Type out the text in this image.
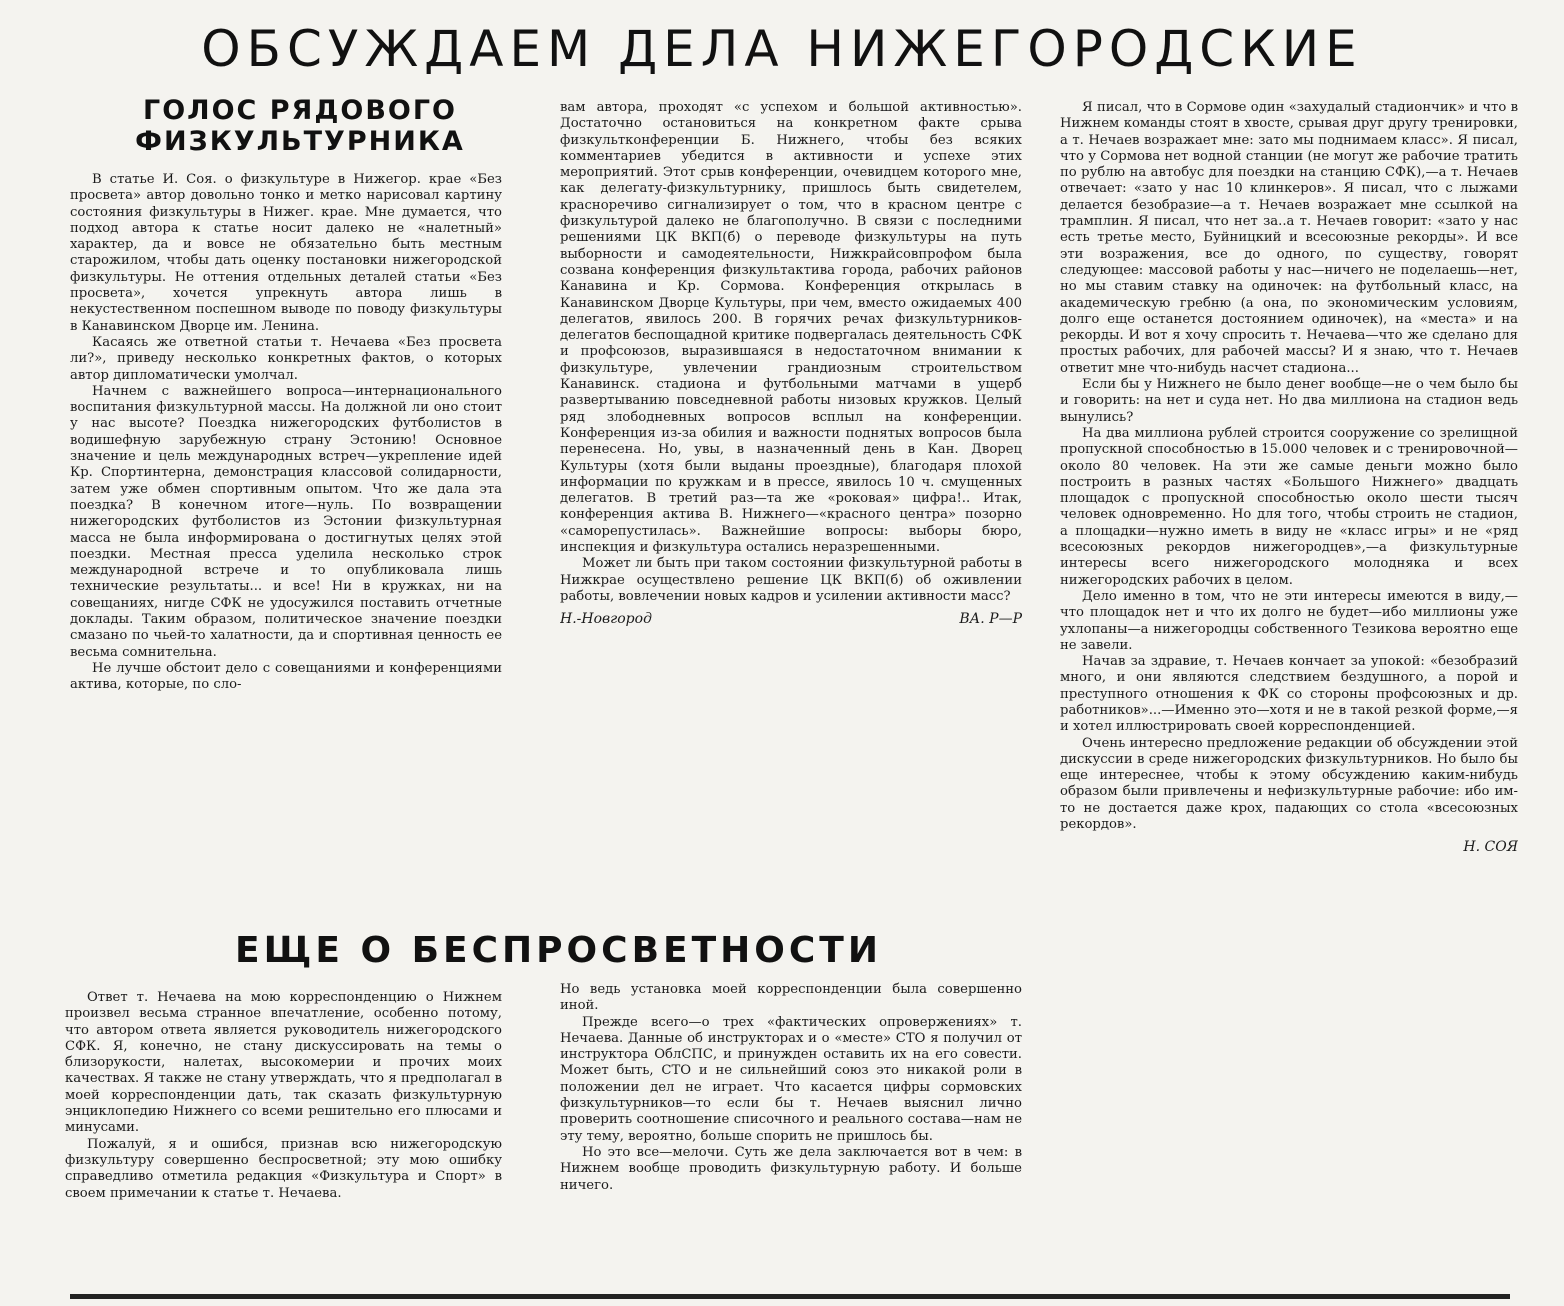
ОБСУЖДАЕМ ДЕЛА НИЖЕГОРОДСКИЕ
ГОЛОС РЯДОВОГО ФИЗКУЛЬТУРНИКА

В статье И. Соя. о физкультуре в Нижегор. крае «Без просвета» автор довольно тонко и метко нарисовал картину состояния физкультуры в Нижег. крае. Мне думается, что подход автора к статье носит далеко не «налетный» характер, да и вовсе не обязательно быть местным старожилом, чтобы дать оценку постановки нижегородской физкультуры. Не оттения отдельных деталей статьи «Без просвета», хочется упрекнуть автора лишь в некустественном поспешном выводе по поводу физкультуры в Канавинском Дворце им. Ленина.

Касаясь же ответной статьи т. Нечаева «Без просвета ли?», приведу несколько конкретных фактов, о которых автор дипломатически умолчал.

Начнем с важнейшего вопроса—интернационального воспитания физкультурной массы. На должной ли оно стоит у нас высоте? Поездка нижегородских футболистов в водишефную зарубежную страну Эстонию! Основное значение и цель международных встреч—укрепление идей Кр. Спортинтерна, демонстрация классовой солидарности, затем уже обмен спортивным опытом. Что же дала эта поездка? В конечном итоге—нуль. По возвращении нижегородских футболистов из Эстонии физкультурная масса не была информирована о достигнутых целях этой поездки. Местная пресса уделила несколько строк международной встрече и то опубликовала лишь технические результаты... и все! Ни в кружках, ни на совещаниях, нигде СФК не удосужился поставить отчетные доклады. Таким образом, политическое значение поездки смазано по чьей-то халатности, да и спортивная ценность ее весьма сомнительна.

Не лучше обстоит дело с совещаниями и конференциями актива, которые, по сло-

вам автора, проходят «с успехом и большой активностью». Достаточно остановиться на конкретном факте срыва физкультконференции Б. Нижнего, чтобы без всяких комментариев убедится в активности и успехе этих мероприятий. Этот срыв конференции, очевидцем которого мне, как делегату-физкультурнику, пришлось быть свидетелем, красноречиво сигнализирует о том, что в красном центре с физкультурой далеко не благополучно. В связи с последними решениями ЦК ВКП(б) о переводе физкультуры на путь выборности и самодеятельности, Нижкрайсовпрофом была созвана конференция физкультактива города, рабочих районов Канавина и Кр. Сормова. Конференция открылась в Канавинском Дворце Культуры, при чем, вместо ожидаемых 400 делегатов, явилось 200. В горячих речах физкультурников-делегатов беспощадной критике подвергалась деятельность СФК и профсоюзов, выразившаяся в недостаточном внимании к физкультуре, увлечении грандиозным строительством Канавинск. стадиона и футбольными матчами в ущерб развертыванию повседневной работы низовых кружков. Целый ряд злободневных вопросов всплыл на конференции. Конференция из-за обилия и важности поднятых вопросов была перенесена. Но, увы, в назначенный день в Кан. Дворец Культуры (хотя были выданы проездные), благодаря плохой информации по кружкам и в прессе, явилось 10 ч. смущенных делегатов. В третий раз—та же «роковая» цифра!.. Итак, конференция актива В. Нижнего—«красного центра» позорно «саморепустилась». Важнейшие вопросы: выборы бюро, инспекция и физкультура остались неразрешенными.

Может ли быть при таком состоянии физкультурной работы в Нижкрае осуществлено решение ЦК ВКП(б) об оживлении работы, вовлечении новых кадров и усилении активности масс?

Н.-Новгород	ВА. Р—Р
ЕЩЕ О БЕСПРОСВЕТНОСТИ

Ответ т. Нечаева на мою корреспонденцию о Нижнем произвел весьма странное впечатление, особенно потому, что автором ответа является руководитель нижегородского СФК. Я, конечно, не стану дискуссировать на темы о близорукости, налетах, высокомерии и прочих моих качествах. Я также не стану утверждать, что я предполагал в моей корреспонденции дать, так сказать физкультурную энциклопедию Нижнего со всеми решительно его плюсами и минусами.

Пожалуй, я и ошибся, признав всю нижегородскую физкультуру совершенно беспросветной; эту мою ошибку справедливо отметила редакция «Физкультура и Спорт» в своем примечании к статье т. Нечаева.

Но ведь установка моей корреспонденции была совершенно иной.

Прежде всего—о трех «фактических опровержениях» т. Нечаева. Данные об инструкторах и о «месте» СТО я получил от инструктора ОблСПС, и принужден оставить их на его совести. Может быть, СТО и не сильнейший союз это никакой роли в положении дел не играет. Что касается цифры сормовских физкультурников—то если бы т. Нечаев выяснил лично проверить соотношение списочного и реального состава—нам не эту тему, вероятно, больше спорить не пришлось бы.

Но это все—мелочи. Суть же дела заключается вот в чем: в Нижнем вообще проводить физкультурную работу. И больше ничего.

Я писал, что в Сормове один «захудалый стадиончик» и что в Нижнем команды стоят в хвосте, срывая друг другу тренировки, а т. Нечаев возражает мне: зато мы поднимаем класс». Я писал, что у Сормова нет водной станции (не могут же рабочие тратить по рублю на автобус для поездки на станцию СФК),—а т. Нечаев отвечает: «зато у нас 10 клинкеров». Я писал, что с лыжами делается безобразие—а т. Нечаев возражает мне ссылкой на трамплин. Я писал, что нет за..а т. Нечаев говорит: «зато у нас есть третье место, Буйницкий и всесоюзные рекорды». И все эти возражения, все до одного, по существу, говорят следующее: массовой работы у нас—ничего не поделаешь—нет, но мы ставим ставку на одиночек: на футбольный класс, на академическую гребню (а она, по экономическим условиям, долго еще останется достоянием одиночек), на «места» и на рекорды. И вот я хочу спросить т. Нечаева—что же сделано для простых рабочих, для рабочей массы? И я знаю, что т. Нечаев ответит мне что-нибудь насчет стадиона...

Если бы у Нижнего не было денег вообще—не о чем было бы и говорить: на нет и суда нет. Но два миллиона на стадион ведь вынулись?

На два миллиона рублей строится сооружение со зрелищной пропускной способностью в 15.000 человек и с тренировочной—около 80 человек. На эти же самые деньги можно было построить в разных частях «Большого Нижнего» двадцать площадок с пропускной способностью около шести тысяч человек одновременно. Но для того, чтобы строить не стадион, а площадки—нужно иметь в виду не «класс игры» и не «ряд всесоюзных рекордов нижегородцев»,—а физкультурные интересы всего нижегородского молодняка и всех нижегородских рабочих в целом.

Дело именно в том, что не эти интересы имеются в виду,—что площадок нет и что их долго не будет—ибо миллионы уже ухлопаны—а нижегородцы собственного Тезикова вероятно еще не завели.

Начав за здравие, т. Нечаев кончает за упокой: «безобразий много, и они являются следствием бездушного, а порой и преступного отношения к ФК со стороны профсоюзных и др. работников»...—Именно это—хотя и не в такой резкой форме,—я и хотел иллюстрировать своей корреспонденцией.

Очень интересно предложение редакции об обсуждении этой дискуссии в среде нижегородских физкультурников. Но было бы еще интереснее, чтобы к этому обсуждению каким-нибудь образом были привлечены и нефизкультурные рабочие: ибо им-то не достается даже крох, падающих со стола «всесоюзных рекордов».

Н. СОЯ
